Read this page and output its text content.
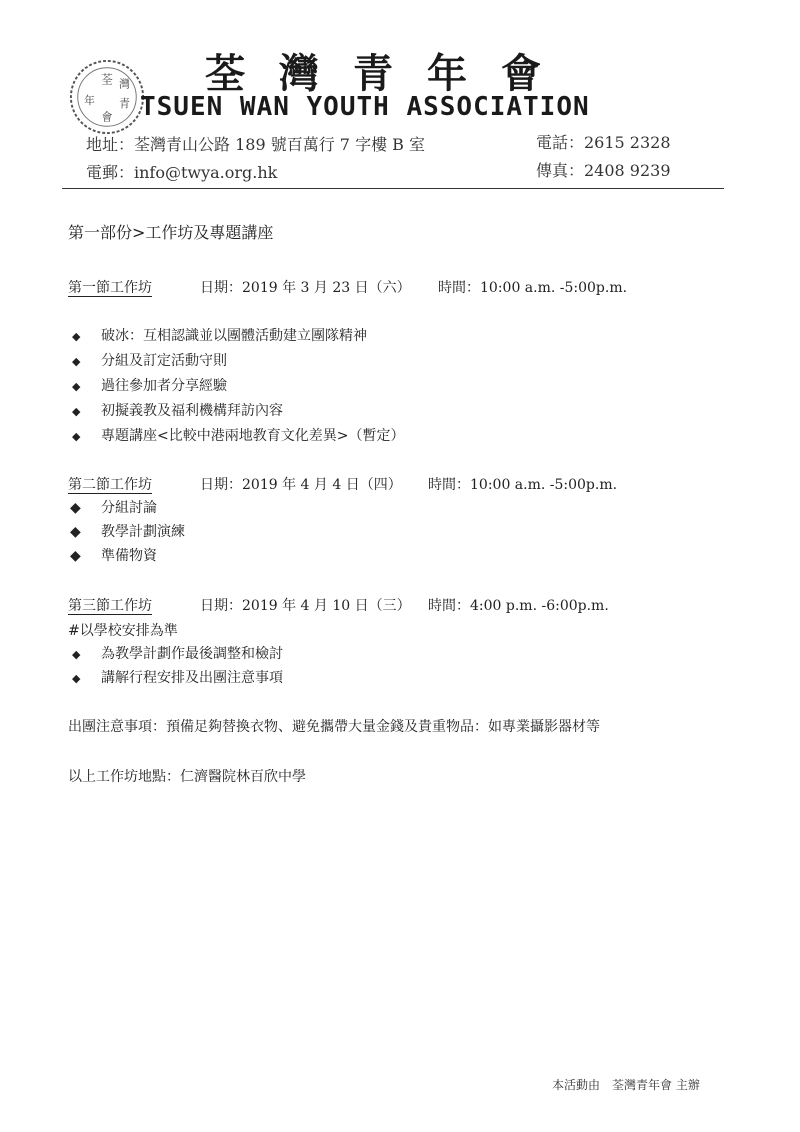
荃 灣
年 青
會
荃灣青年會
TSUEN WAN YOUTH ASSOCIATION
地址：荃灣青山公路 189 號百萬行 7 字樓 B 室
電郵：info@twya.org.hk
電話：2615 2328
傳真：2408 9239
第一部份>工作坊及專題講座
第一節工作坊	日期：2019 年 3 月 23 日（六） 時間：10:00 a.m. -5:00p.m.
◆ 破冰：互相認識並以團體活動建立團隊精神
◆ 分組及訂定活動守則
◆ 過往參加者分享經驗
◆ 初擬義教及福利機構拜訪內容
◆ 專題講座<比較中港兩地教育文化差異>（暫定）
第二節工作坊	日期：2019 年 4 月 4 日（四） 時間：10:00 a.m. -5:00p.m.
◆ 分組討論
◆ 教學計劃演練
◆ 準備物資
第三節工作坊	日期：2019 年 4 月 10 日（三） 時間：4:00 p.m. -6:00p.m.
#以學校安排為準
◆ 為教學計劃作最後調整和檢討
◆ 講解行程安排及出團注意事項
出團注意事項：預備足夠替換衣物、避免攜帶大量金錢及貴重物品：如專業攝影器材等
以上工作坊地點：仁濟醫院林百欣中學
本活動由　荃灣青年會 主辦
